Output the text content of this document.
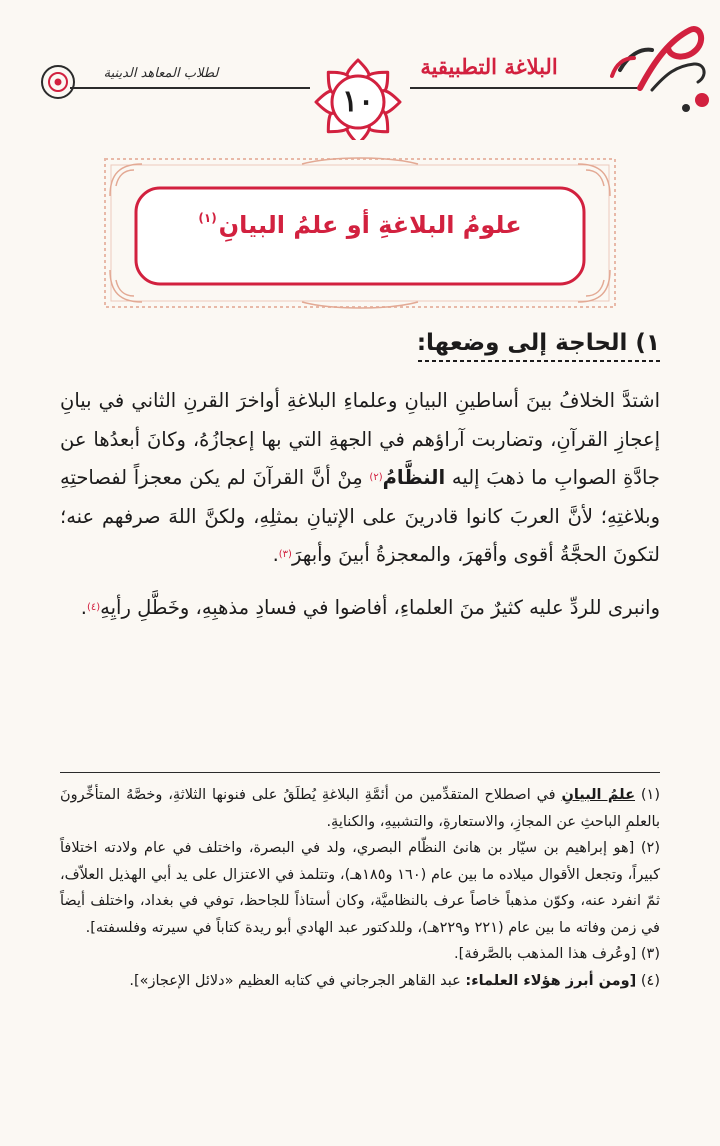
البلاغة التطبيقية
لطلاب المعاهد الدينية
١٠
علومُ البلاغةِ أو علمُ البيانِ$^{(١)}$
١) الحاجة إلى وضعها:

اشتدَّ الخلافُ بينَ أساطينِ البيانِ وعلماءِ البلاغةِ أواخرَ القرنِ الثاني في بيانِ إعجازِ القرآنِ، وتضاربت آراؤهم في الجهةِ التي بها إعجازُهُ، وكانَ أبعدُها عن جادَّةِ الصوابِ ما ذهبَ إليه النظَّامُ$^{(٢)}$ مِنْ أنَّ القرآنَ لم يكن معجزاً لفصاحتِهِ وبلاغتِهِ؛ لأنَّ العربَ كانوا قادرينَ على الإتيانِ بمثلِهِ، ولكنَّ اللهَ صرفهم عنه؛ لتكونَ الحجَّةُ أقوى وأقهرَ، والمعجزةُ أبينَ وأبهرَ$^{(٣)}$.

وانبرى للردِّ عليه كثيرٌ منَ العلماءِ، أفاضوا في فسادِ مذهبِهِ، وخَطَّلِ رأيِهِ$^{(٤)}$.

(١) علمُ البيانِ في اصطلاح المتقدِّمين من أئمَّةِ البلاغةِ يُطلَقُ على فنونها الثلاثةِ، وخصَّهُ المتأخِّرونَ بالعلمِ الباحثِ عن المجازِ، والاستعارةِ، والتشبيهِ، والكنايةِ.

(٢) [هو إبراهيم بن سيّار بن هانئ النظّام البصري، ولد في البصرة، واختلف في عام ولادته اختلافاً كبيراً، وتجعل الأقوال ميلاده ما بين عام (١٦٠ و١٨٥هـ)، وتتلمذ في الاعتزال على يد أبي الهذيل العلاّف، ثمّ انفرد عنه، وكوّن مذهباً خاصاً عرف بالنظاميَّة، وكان أستاذاً للجاحظ، توفي في بغداد، واختلف أيضاً في زمن وفاته ما بين عام (٢٢١ و٢٢٩هـ)، وللدكتور عبد الهادي أبو ريدة كتاباً في سيرته وفلسفته].

(٣) [وعُرف هذا المذهب بالصَّرفة].

(٤) [ومن أبرز هؤلاء العلماء: عبد القاهر الجرجاني في كتابه العظيم «دلائل الإعجاز»].
